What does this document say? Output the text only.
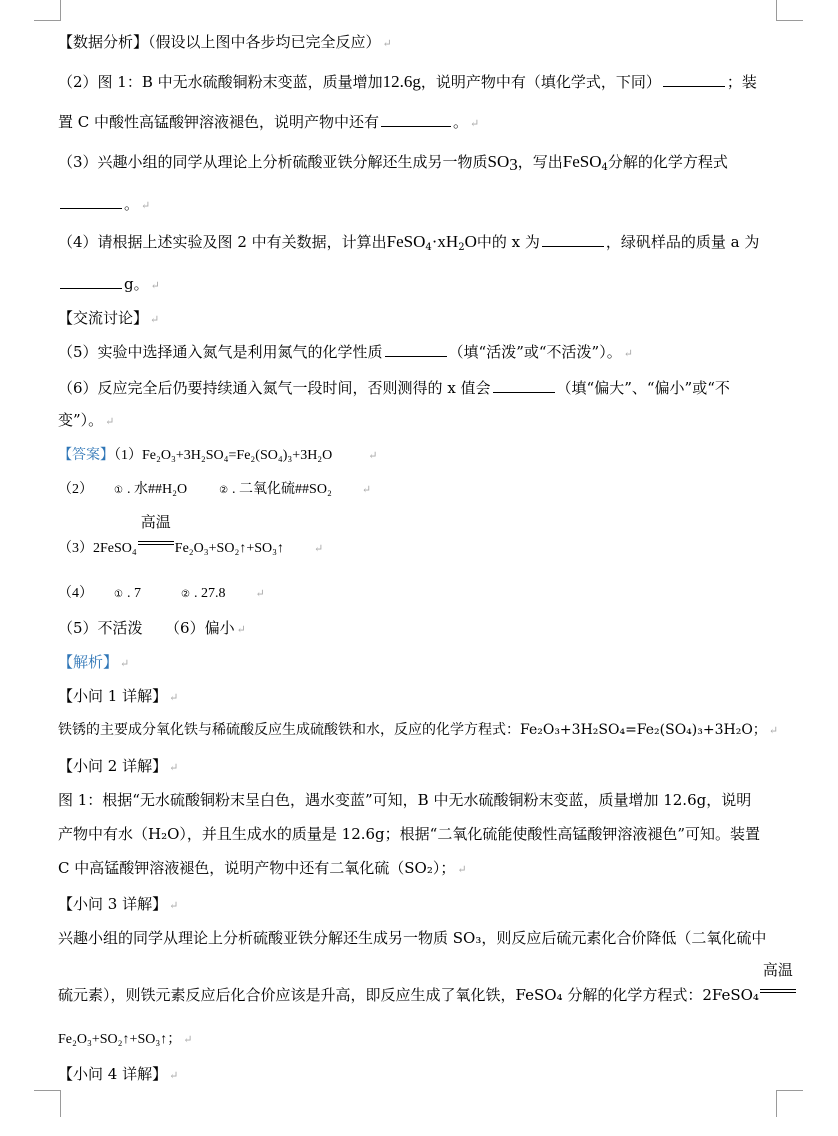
【数据分析】（假设以上图中各步均已完全反应） ↵
（2）图 1：B 中无水硫酸铜粉末变蓝，质量增加12.6g，说明产物中有（填化学式，下同）	；装
置 C 中酸性高锰酸钾溶液褪色，说明产物中还有	。 ↵
（3）兴趣小组的同学从理论上分析硫酸亚铁分解还生成另一物质$SO_3$，写出FeSO$_4$分解的化学方程式
。 ↵
（4）请根据上述实验及图 2 中有关数据，计算出$FeSO_4\cdot xH_2O$中的 x 为	，绿矾样品的质量 a 为
g。 ↵
【交流讨论】 ↵
（5）实验中选择通入氮气是利用氮气的化学性质	（填“活泼”或“不活泼”）。 ↵
（6）反应完全后仍要持续通入氮气一段时间，否则测得的 x 值会	（填“偏大”、“偏小”或“不
变”）。 ↵
【答案】（1）Fe₂O₃+3H₂SO₄=Fe₂(SO₄)₃+3H₂O	↵
（2） ① . 水##H₂O	② . 二氧化硫##SO₂	↵
（3）2FeSO₄
高温
Fe₂O₃+SO₂↑+SO₃↑	↵
（4） ① . 7	② . 27.8	↵
（5）不活泼　　（6）偏小 ↵
【解析】 ↵
【小问 1 详解】 ↵
铁锈的主要成分氧化铁与稀硫酸反应生成硫酸铁和水，反应的化学方程式：Fe₂O₃+3H₂SO₄=Fe₂(SO₄)₃+3H₂O； ↵
【小问 2 详解】 ↵
图 1：根据“无水硫酸铜粉末呈白色，遇水变蓝”可知，B 中无水硫酸铜粉末变蓝，质量增加 12.6g，说明
产物中有水（H₂O），并且生成水的质量是 12.6g；根据“二氧化硫能使酸性高锰酸钾溶液褪色”可知。装置
C 中高锰酸钾溶液褪色，说明产物中还有二氧化硫（SO₂）； ↵
【小问 3 详解】 ↵
兴趣小组的同学从理论上分析硫酸亚铁分解还生成另一物质 SO₃，则反应后硫元素化合价降低（二氧化硫中
硫元素），则铁元素反应后化合价应该是升高，即反应生成了氧化铁，FeSO₄ 分解的化学方程式：2FeSO₄
高温
Fe₂O₃+SO₂↑+SO₃↑； ↵
【小问 4 详解】 ↵
